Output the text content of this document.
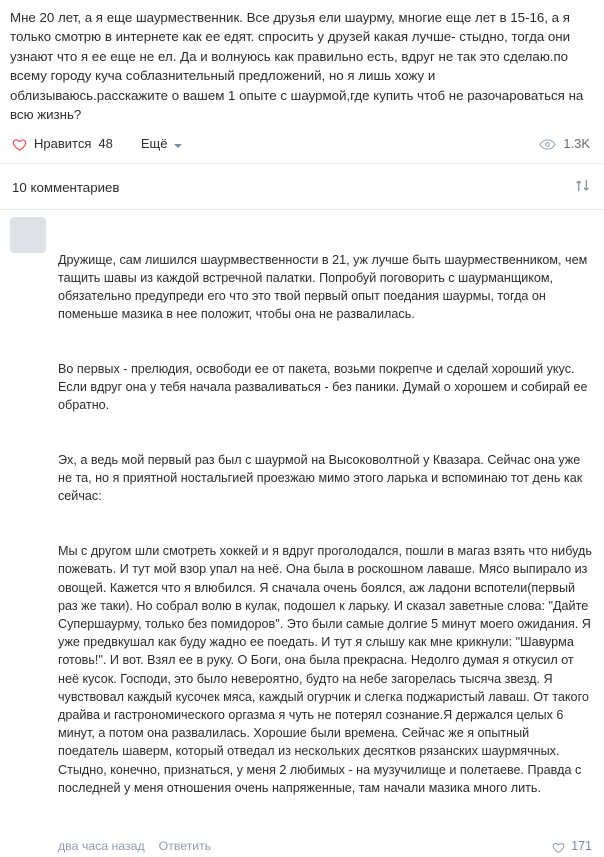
Мне 20 лет, а я еще шаурмественник. Все друзья ели шаурму, многие еще лет в 15-16, а я только смотрю в интернете как ее едят. спросить у друзей какая лучше- стыдно, тогда они узнают что я ее еще не ел. Да и волнуюсь как правильно есть, вдруг не так это сделаю.по всему городу куча соблазнительный предложений, но я лишь хожу и облизываюсь.расскажите о вашем 1 опыте с шаурмой,где купить чтоб не разочароваться на всю жизнь?
Нравится 48 Ещё	1.3K
10 комментариев

Дружище, сам лишился шаурмвественности в 21, уж лучше быть шаурмественником, чем тащить шавы из каждой встречной палатки. Попробуй поговорить с шаурманщиком, обязательно предупреди его что это твой первый опыт поедания шаурмы, тогда он поменьше мазика в нее положит, чтобы она не развалилась.

Во первых - прелюдия, освободи ее от пакета, возьми покрепче и сделай хороший укус. Если вдруг она у тебя начала разваливаться - без паники. Думай о хорошем и собирай ее обратно.

Эх, а ведь мой первый раз был с шаурмой на Высоковолтной у Квазара. Сейчас она уже не та, но я приятной ностальгией проезжаю мимо этого ларька и вспоминаю тот день как сейчас:

Мы с другом шли смотреть хоккей и я вдруг проголодался, пошли в магаз взять что нибудь пожевать. И тут мой взор упал на неё. Она была в роскошном лаваше. Мясо выпирало из овощей. Кажется что я влюбился. Я сначала очень боялся, аж ладони вспотели(первый раз же таки). Но собрал волю в кулак, подошел к ларьку. И сказал заветные слова: "Дайте Супершаурму, только без помидоров". Это были самые долгие 5 минут моего ожидания. Я уже предвкушал как буду жадно ее поедать. И тут я слышу как мне крикнули: "Шавурма готовь!". И вот. Взял ее в руку. О Боги, она была прекрасна. Недолго думая я откусил от неё кусок. Господи, это было невероятно, будто на небе загорелась тысяча звезд. Я чувствовал каждый кусочек мяса, каждый огурчик и слегка поджаристый лаваш. От такого драйва и гастрономического оргазма я чуть не потерял сознание.Я держался целых 6 минут, а потом она развалилась. Хорошие были времена. Сейчас же я опытный поедатель шаверм, который отведал из нескольких десятков рязанских шаурмячных. Стыдно, конечно, признаться, у меня 2 любимых - на музучилище и полетаеве. Правда с последней у меня отношения очень напряженные, там начали мазика много лить.

два часа назад Ответить	171
